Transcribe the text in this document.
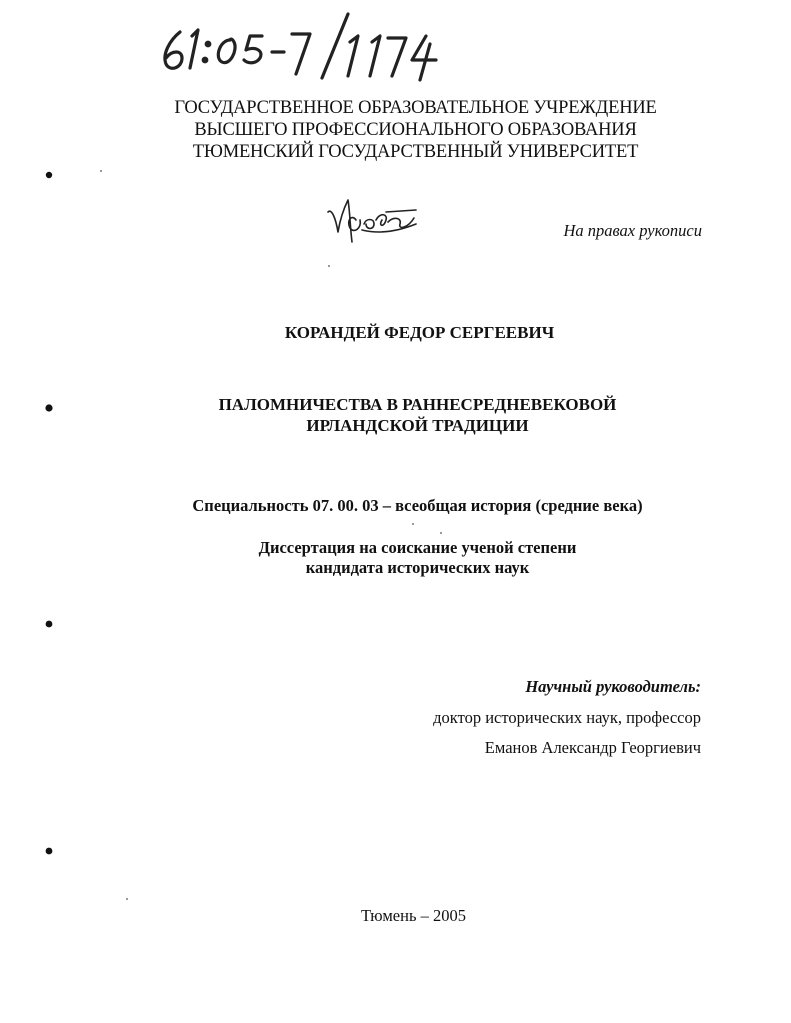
ГОСУДАРСТВЕННОЕ ОБРАЗОВАТЕЛЬНОЕ УЧРЕЖДЕНИЕ
ВЫСШЕГО ПРОФЕССИОНАЛЬНОГО ОБРАЗОВАНИЯ
ТЮМЕНСКИЙ ГОСУДАРСТВЕННЫЙ УНИВЕРСИТЕТ
На правах рукописи
КОРАНДЕЙ ФЕДОР СЕРГЕЕВИЧ
ПАЛОМНИЧЕСТВА В РАННЕСРЕДНЕВЕКОВОЙ
ИРЛАНДСКОЙ ТРАДИЦИИ
Специальность 07. 00. 03 – всеобщая история (средние века)
Диссертация на соискание ученой степени
кандидата исторических наук
Научный руководитель:
доктор исторических наук, профессор
Еманов Александр Георгиевич
Тюмень – 2005
